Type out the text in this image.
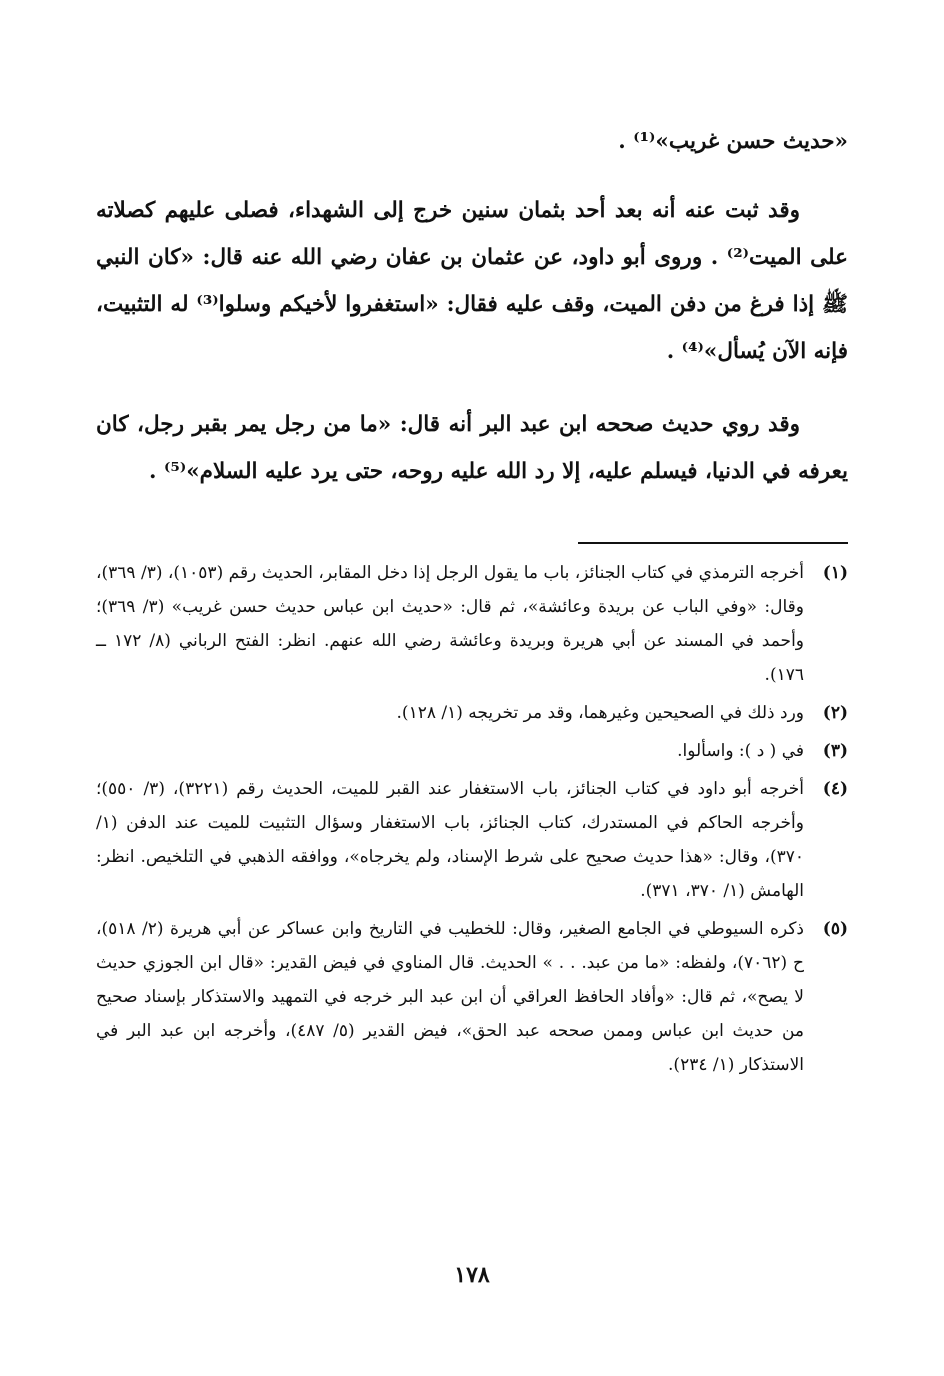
«حديث حسن غريب»⁽¹⁾ .

وقد ثبت عنه أنه بعد أحد بثمان سنين خرج إلى الشهداء، فصلى عليهم كصلاته على الميت⁽²⁾ . وروى أبو داود، عن عثمان بن عفان رضي الله عنه قال: «كان النبي ﷺ إذا فرغ من دفن الميت، وقف عليه فقال: «استغفروا لأخيكم وسلوا⁽³⁾ له التثبيت، فإنه الآن يُسأل»⁽⁴⁾ .

وقد روي حديث صححه ابن عبد البر أنه قال: «ما من رجل يمر بقبر رجل، كان يعرفه في الدنيا، فيسلم عليه، إلا رد الله عليه روحه، حتى يرد عليه السلام»⁽⁵⁾ .

(١)
أخرجه الترمذي في كتاب الجنائز، باب ما يقول الرجل إذا دخل المقابر، الحديث رقم (١٠٥٣)، (٣/ ٣٦٩)، وقال: «وفي الباب عن بريدة وعائشة»، ثم قال: «حديث ابن عباس حديث حسن غريب» (٣/ ٣٦٩)؛ وأحمد في المسند عن أبي هريرة وبريدة وعائشة رضي الله عنهم. انظر: الفتح الرباني (٨/ ١٧٢ ــ ١٧٦).
(٢)
ورد ذلك في الصحيحين وغيرهما، وقد مر تخريجه (١/ ١٢٨).
(٣)
في ( د ): واسألوا.
(٤)
أخرجه أبو داود في كتاب الجنائز، باب الاستغفار عند القبر للميت، الحديث رقم (٣٢٢١)، (٣/ ٥٥٠)؛ وأخرجه الحاكم في المستدرك، كتاب الجنائز، باب الاستغفار وسؤال التثبيت للميت عند الدفن (١/ ٣٧٠)، وقال: «هذا حديث صحيح على شرط الإسناد، ولم يخرجاه»، ووافقه الذهبي في التلخيص. انظر: الهامش (١/ ٣٧٠، ٣٧١).
(٥)
ذكره السيوطي في الجامع الصغير، وقال: للخطيب في التاريخ وابن عساكر عن أبي هريرة (٢/ ٥١٨)، ح (٧٠٦٢)، ولفظه: «ما من عبد. . . » الحديث. قال المناوي في فيض القدير: «قال ابن الجوزي حديث لا يصح»، ثم قال: «وأفاد الحافظ العراقي أن ابن عبد البر خرجه في التمهيد والاستذكار بإسناد صحيح من حديث ابن عباس وممن صححه عبد الحق»، فيض القدير (٥/ ٤٨٧)، وأخرجه ابن عبد البر في الاستذكار (١/ ٢٣٤).
١٧٨
